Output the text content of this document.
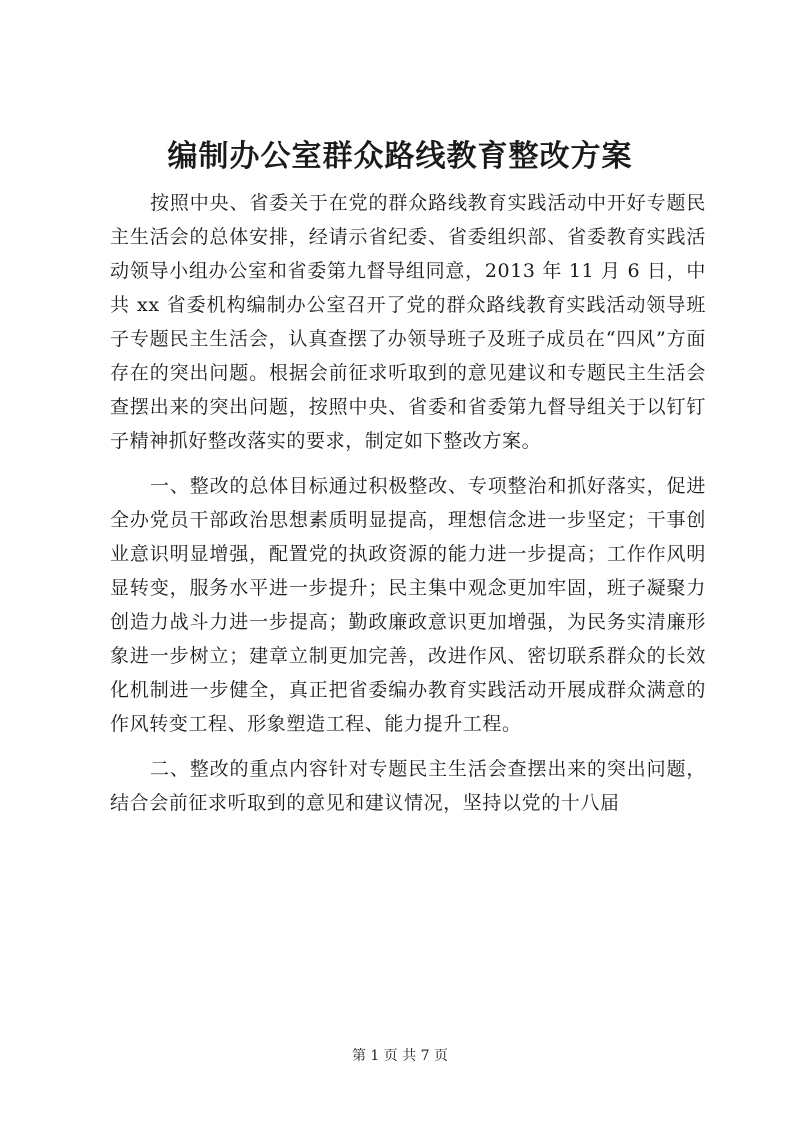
编制办公室群众路线教育整改方案

按照中央、省委关于在党的群众路线教育实践活动中开好专题民主生活会的总体安排，经请示省纪委、省委组织部、省委教育实践活动领导小组办公室和省委第九督导组同意，2013 年 11 月 6 日，中共 xx 省委机构编制办公室召开了党的群众路线教育实践活动领导班子专题民主生活会，认真查摆了办领导班子及班子成员在“四风”方面存在的突出问题。根据会前征求听取到的意见建议和专题民主生活会查摆出来的突出问题，按照中央、省委和省委第九督导组关于以钉钉子精神抓好整改落实的要求，制定如下整改方案。

一、整改的总体目标通过积极整改、专项整治和抓好落实，促进全办党员干部政治思想素质明显提高，理想信念进一步坚定；干事创业意识明显增强，配置党的执政资源的能力进一步提高；工作作风明显转变，服务水平进一步提升；民主集中观念更加牢固，班子凝聚力创造力战斗力进一步提高；勤政廉政意识更加增强，为民务实清廉形象进一步树立；建章立制更加完善，改进作风、密切联系群众的长效化机制进一步健全，真正把省委编办教育实践活动开展成群众满意的作风转变工程、形象塑造工程、能力提升工程。

二、整改的重点内容针对专题民主生活会查摆出来的突出问题，结合会前征求听取到的意见和建议情况，坚持以党的十八届

第 1 页 共 7 页
